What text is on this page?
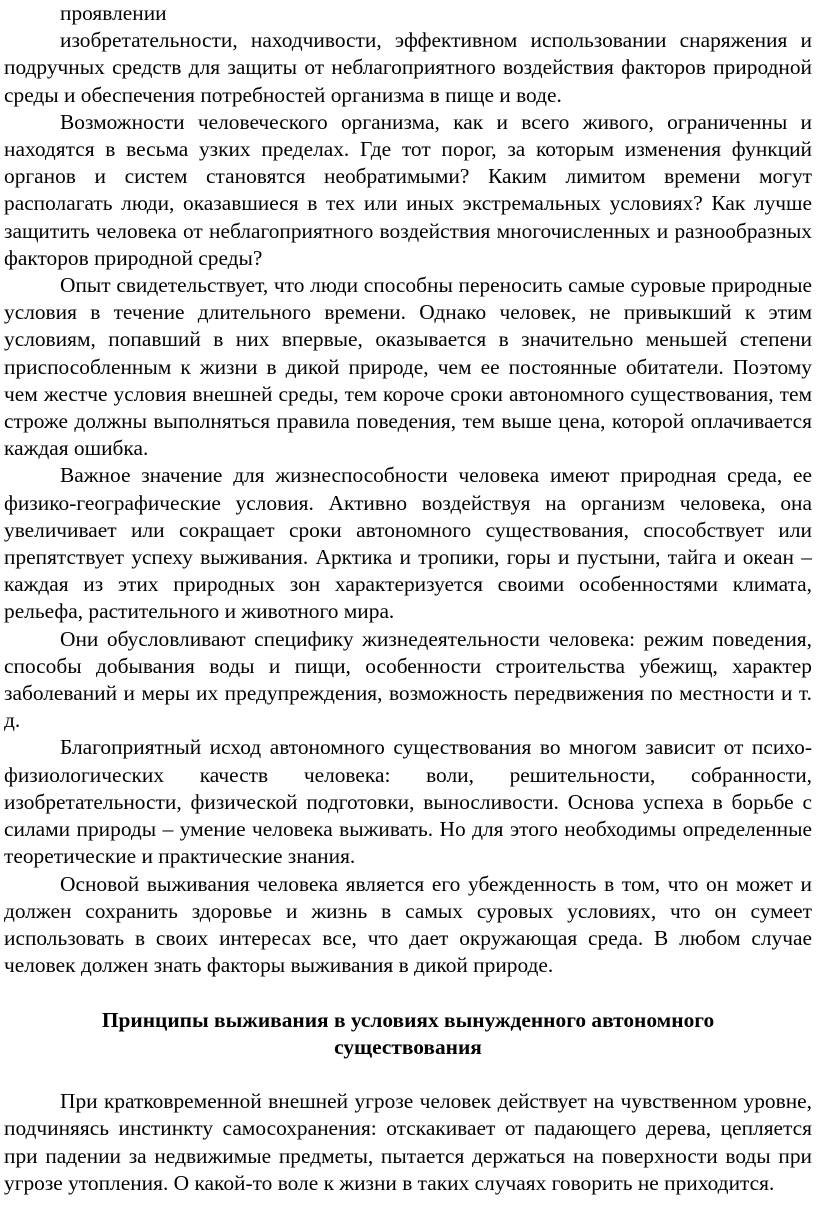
проявлении

изобретательности, находчивости, эффективном использовании снаряжения и подручных средств для защиты от неблагоприятного воздействия факторов природной среды и обеспечения потребностей организма в пище и воде.

Возможности человеческого организма, как и всего живого, ограниченны и находятся в весьма узких пределах. Где тот порог, за которым изменения функций органов и систем становятся необратимыми? Каким лимитом времени могут располагать люди, оказавшиеся в тех или иных экстремальных условиях? Как лучше защитить человека от неблагоприятного воздействия многочисленных и разнообразных факторов природной среды?

Опыт свидетельствует, что люди способны переносить самые суровые природные условия в течение длительного времени. Однако человек, не привыкший к этим условиям, попавший в них впервые, оказывается в значительно меньшей степени приспособленным к жизни в дикой природе, чем ее постоянные обитатели. Поэтому чем жестче условия внешней среды, тем короче сроки автономного существования, тем строже должны выполняться правила поведения, тем выше цена, которой оплачивается каждая ошибка.

Важное значение для жизнеспособности человека имеют природная среда, ее физико-географические условия. Активно воздействуя на организм человека, она увеличивает или сокращает сроки автономного существования, способствует или препятствует успеху выживания. Арктика и тропики, горы и пустыни, тайга и океан – каждая из этих природных зон характеризуется своими особенностями климата, рельефа, растительного и животного мира.

Они обусловливают специфику жизнедеятельности человека: режим поведения, способы добывания воды и пищи, особенности строительства убежищ, характер заболеваний и меры их предупреждения, возможность передвижения по местности и т. д.

Благоприятный исход автономного существования во многом зависит от психо-физиологических качеств человека: воли, решительности, собранности, изобретательности, физической подготовки, выносливости. Основа успеха в борьбе с силами природы – умение человека выживать. Но для этого необходимы определенные теоретические и практические знания.

Основой выживания человека является его убежденность в том, что он может и должен сохранить здоровье и жизнь в самых суровых условиях, что он сумеет использовать в своих интересах все, что дает окружающая среда. В любом случае человек должен знать факторы выживания в дикой природе.

Принципы выживания в условиях вынужденного автономного существования

При кратковременной внешней угрозе человек действует на чувственном уровне, подчиняясь инстинкту самосохранения: отскакивает от падающего дерева, цепляется при падении за недвижимые предметы, пытается держаться на поверхности воды при угрозе утопления. О какой-то воле к жизни в таких случаях говорить не приходится.
